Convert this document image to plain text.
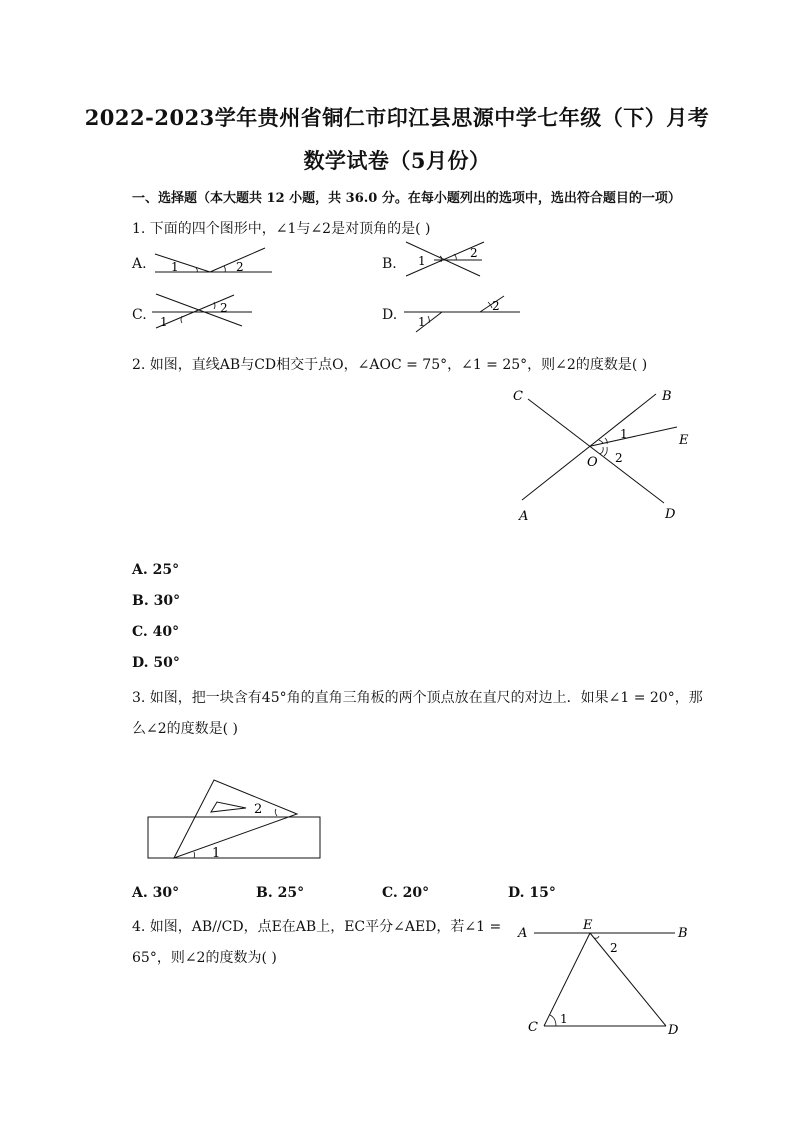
2022-2023学年贵州省铜仁市印江县思源中学七年级（下）月考
数学试卷（5月份）
一、选择题（本大题共 12 小题，共 36.0 分。在每小题列出的选项中，选出符合题目的一项）
1. 下面的四个图形中，∠1与∠2是对顶角的是( )
A. 1	2	B. 1
2
C. 1
2	D. 1
2
2. 如图，直线AB与CD相交于点O，∠AOC = 75°，∠1 = 25°，则∠2的度数是( )
C	B
E
O
1
2
A	D
A. 25°
B. 30°
C. 40°
D. 50°
3. 如图，把一块含有45°角的直角三角板的两个顶点放在直尺的对边上．如果∠1 = 20°，那
么∠2的度数是( )
1
2
A. 30°	B. 25°	C. 20°	D. 15°
4. 如图，AB//CD，点E在AB上，EC平分∠AED，若∠1 =
65°，则∠2的度数为( )
A
E
B
2
1
C	D
